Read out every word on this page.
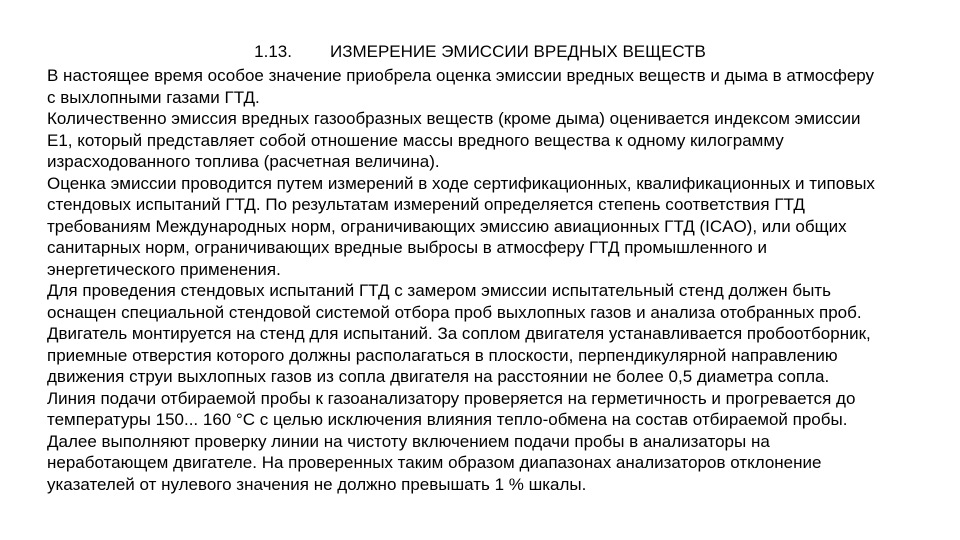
1.13. ИЗМЕРЕНИЕ ЭМИССИИ ВРЕДНЫХ ВЕЩЕСТВ
В настоящее время особое значение приобрела оценка эмиссии вредных веществ и дыма в атмосферу
с выхлопными газами ГТД.
Количественно эмиссия вредных газообразных веществ (кроме дыма) оценивается индексом эмиссии
Е1, который представляет собой отношение массы вредного вещества к одному килограмму
израсходованного топлива (расчетная величина).
Оценка эмиссии проводится путем измерений в ходе сертификационных, квалификационных и типовых
стендовых испытаний ГТД. По результатам измерений определяется степень соответствия ГТД
требованиям Международных норм, ограничивающих эмиссию авиационных ГТД (ICAO), или общих
санитарных норм, ограничивающих вредные выбросы в атмосферу ГТД промышленного и
энергетического применения.
Для проведения стендовых испытаний ГТД с замером эмиссии испытательный стенд должен быть
оснащен специальной стендовой системой отбора проб выхлопных газов и анализа отобранных проб.
Двигатель монтируется на стенд для испытаний. За соплом двигателя устанавливается пробоотборник,
приемные отверстия которого должны располагаться в плоскости, перпендикулярной направлению
движения струи выхлопных газов из сопла двигателя на расстоянии не более 0,5 диаметра сопла.
Линия подачи отбираемой пробы к газоанализатору проверяется на герметичность и прогревается до
температуры 150... 160 °С с целью исключения влияния тепло-обмена на состав отбираемой пробы.
Далее выполняют проверку линии на чистоту включением подачи пробы в анализаторы на
неработающем двигателе. На проверенных таким образом диапазонах анализаторов отклонение
указателей от нулевого значения не должно превышать 1 % шкалы.
